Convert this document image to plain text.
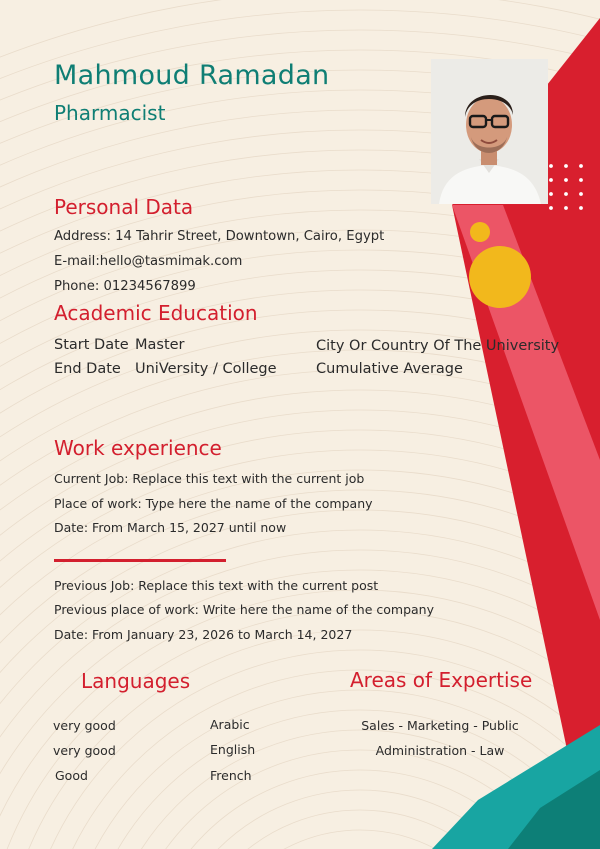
Mahmoud Ramadan
Pharmacist
Personal Data
Address: 14 Tahrir Street, Downtown, Cairo, Egypt
E-mail:hello@tasmimak.com
Phone: 01234567899
Academic Education
Start Date Master	City Or Country Of The University
End Date UniVersity / College	Cumulative Average
Work experience
Current Job: Replace this text with the current job
Place of work: Type here the name of the company
Date: From March 15, 2027 until now
Previous Job: Replace this text with the current post
Previous place of work: Write here the name of the company
Date: From January 23, 2026 to March 14, 2027
Languages
very good	Arabic
very good	English
Good	French
Areas of Expertise
Sales - Marketing - Public
Administration - Law
